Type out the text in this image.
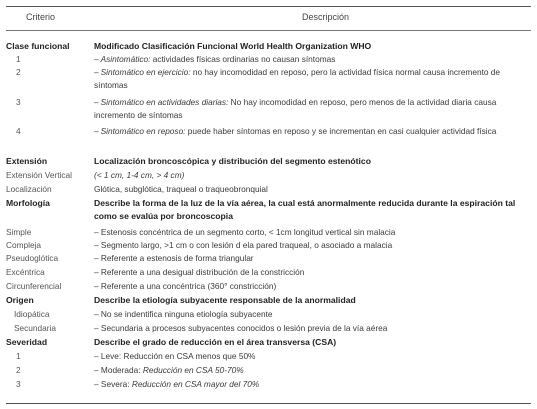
Criterio	Descripción
Clase funcional	Modificado Clasificación Funcional World Health Organization WHO
1	– Asintomático: actividades físicas ordinarias no causan síntomas
2	– Sintomático en ejercicio: no hay incomodidad en reposo, pero la actividad física normal causa incremento de síntomas
3	– Sintomático en actividades diarias: No hay incomodidad en reposo, pero menos de la actividad diaria causa incremento de síntomas
4	– Sintomático en reposo: puede haber síntomas en reposo y se incrementan en casi cualquier actividad física
Extensión	Localización broncoscópica y distribución del segmento estenótico
Extensión Vertical	(< 1 cm, 1-4 cm, > 4 cm)
Localización	Glótica, subglótica, traqueal o traqueobronquial
Morfología	Describe la forma de la luz de la vía aérea, la cual está anormalmente reducida durante la espiración tal como se evalúa por broncoscopia
Simple	– Estenosis concéntrica de un segmento corto, < 1cm longitud vertical sin malacia
Compleja	– Segmento largo, >1 cm o con lesión d ela pared traqueal, o asociado a malacia
Pseudoglótica	– Referente a estenosis de forma triangular
Excéntrica	– Referente a una desigual distribución de la constricción
Circunferencial	– Referente a una concéntrica (360° constricción)
Origen	Describe la etiología subyacente responsable de la anormalidad
Idiopática	– No se indentifica ninguna etiología subyacente
Secundaria	– Secundaria a procesos subyacentes conocidos o lesión previa de la vía aérea
Severidad	Describe el grado de reducción en el área transversa (CSA)
1	– Leve: Reducción en CSA menos que 50%
2	– Moderada: Reducción en CSA 50-70%
3	– Severa: Reducción en CSA mayor del 70%
